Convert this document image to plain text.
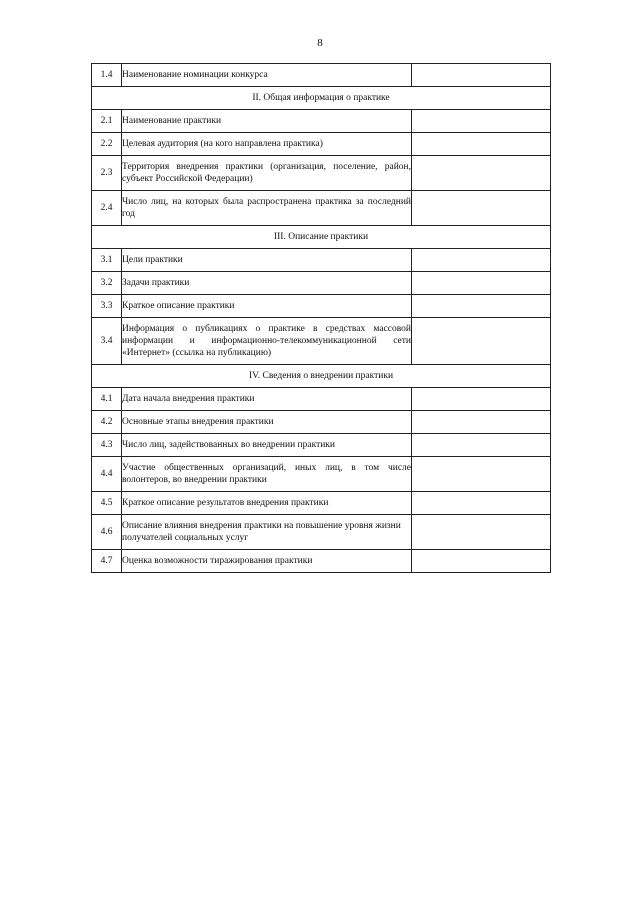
8
1.4	Наименование номинации конкурса	
II. Общая информация о практике		
2.1	Наименование практики	
2.2	Целевая аудитория (на кого направлена практика)	
2.3	Территория внедрения практики (организация, поселение, район, субъект Российской Федерации)	
2.4	Число лиц, на которых была распространена практика за последний год	
III. Описание практики		
3.1	Цели практики	
3.2	Задачи практики	
3.3	Краткое описание практики	
3.4	Информация о публикациях о практике в средствах массовой информации и информационно-телекоммуникационной сети «Интернет» (ссылка на публикацию)	
IV. Сведения о внедрении практики		
4.1	Дата начала внедрения практики	
4.2	Основные этапы внедрения практики	
4.3	Число лиц, задействованных во внедрении практики	
4.4	Участие общественных организаций, иных лиц, в том числе волонтеров, во внедрении практики	
4.5	Краткое описание результатов внедрения практики	
4.6	Описание влияния внедрения практики на повышение уровня жизни получателей социальных услуг	
4.7	Оценка возможности тиражирования практики	
